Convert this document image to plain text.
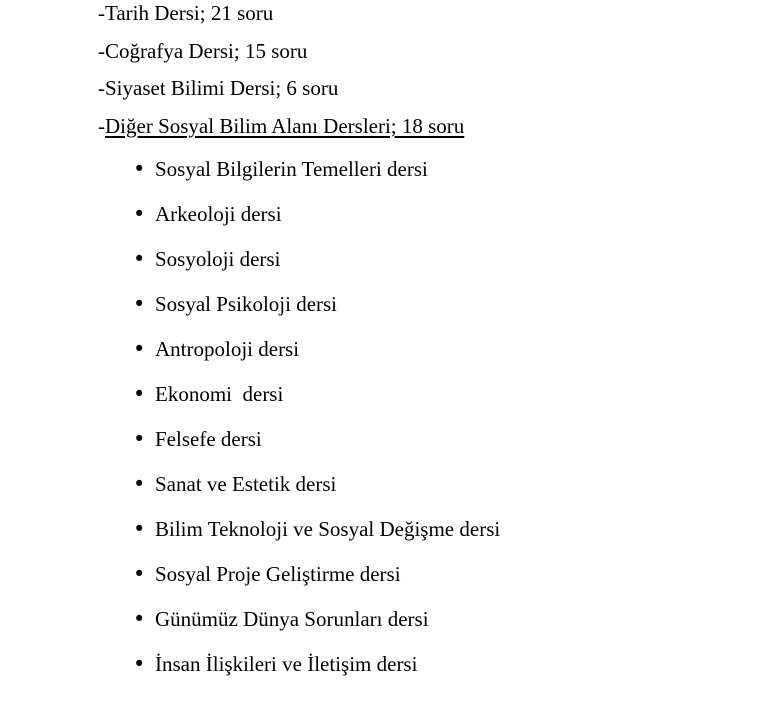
-Tarih Dersi; 21 soru

-Coğrafya Dersi; 15 soru

-Siyaset Bilimi Dersi; 6 soru

-Diğer Sosyal Bilim Alanı Dersleri; 18 soru

• Sosyal Bilgilerin Temelleri dersi
• Arkeoloji dersi
• Sosyoloji dersi
• Sosyal Psikoloji dersi
• Antropoloji dersi
• Ekonomi  dersi
• Felsefe dersi
• Sanat ve Estetik dersi
• Bilim Teknoloji ve Sosyal Değişme dersi
• Sosyal Proje Geliştirme dersi
• Günümüz Dünya Sorunları dersi
• İnsan İlişkileri ve İletişim dersi
